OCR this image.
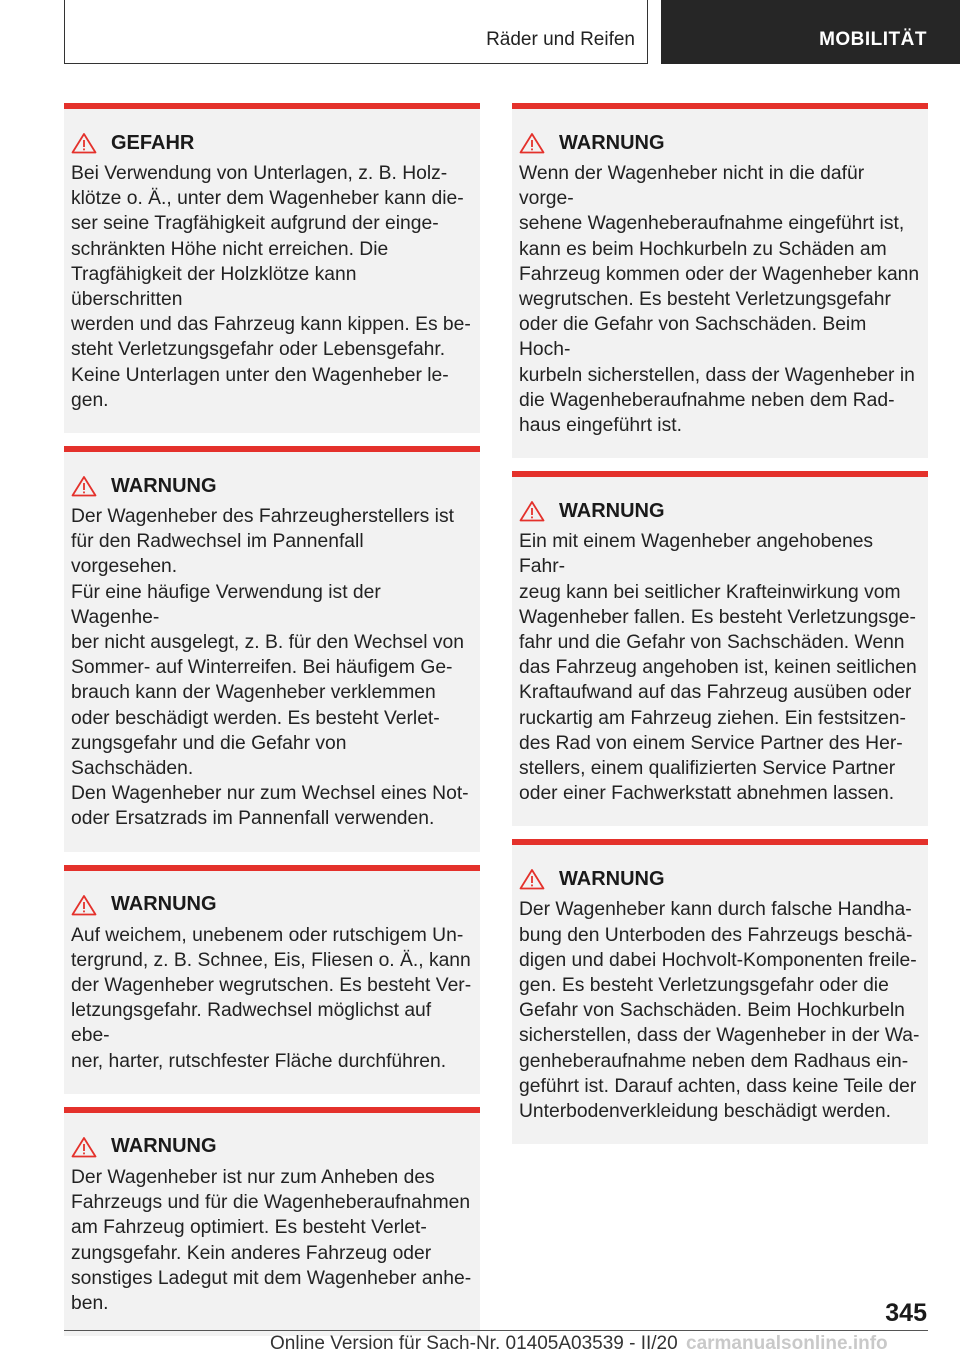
Räder und Reifen	MOBILITÄT
GEFAHR

Bei Verwendung von Unterlagen, z. B. Holz-
klötze o. Ä., unter dem Wagenheber kann die-
ser seine Tragfähigkeit aufgrund der einge-
schränkten Höhe nicht erreichen. Die
Tragfähigkeit der Holzklötze kann überschritten
werden und das Fahrzeug kann kippen. Es be-
steht Verletzungsgefahr oder Lebensgefahr.
Keine Unterlagen unter den Wagenheber le-
gen.

WARNUNG

Der Wagenheber des Fahrzeugherstellers ist
für den Radwechsel im Pannenfall vorgesehen.
Für eine häufige Verwendung ist der Wagenhe-
ber nicht ausgelegt, z. B. für den Wechsel von
Sommer- auf Winterreifen. Bei häufigem Ge-
brauch kann der Wagenheber verklemmen
oder beschädigt werden. Es besteht Verlet-
zungsgefahr und die Gefahr von Sachschäden.
Den Wagenheber nur zum Wechsel eines Not-
oder Ersatzrads im Pannenfall verwenden.

WARNUNG

Auf weichem, unebenem oder rutschigem Un-
tergrund, z. B. Schnee, Eis, Fliesen o. Ä., kann
der Wagenheber wegrutschen. Es besteht Ver-
letzungsgefahr. Radwechsel möglichst auf ebe-
ner, harter, rutschfester Fläche durchführen.

WARNUNG

Der Wagenheber ist nur zum Anheben des
Fahrzeugs und für die Wagenheberaufnahmen
am Fahrzeug optimiert. Es besteht Verlet-
zungsgefahr. Kein anderes Fahrzeug oder
sonstiges Ladegut mit dem Wagenheber anhe-
ben.

WARNUNG

Wenn der Wagenheber nicht in die dafür vorge-
sehene Wagenheberaufnahme eingeführt ist,
kann es beim Hochkurbeln zu Schäden am
Fahrzeug kommen oder der Wagenheber kann
wegrutschen. Es besteht Verletzungsgefahr
oder die Gefahr von Sachschäden. Beim Hoch-
kurbeln sicherstellen, dass der Wagenheber in
die Wagenheberaufnahme neben dem Rad-
haus eingeführt ist.

WARNUNG

Ein mit einem Wagenheber angehobenes Fahr-
zeug kann bei seitlicher Krafteinwirkung vom
Wagenheber fallen. Es besteht Verletzungsge-
fahr und die Gefahr von Sachschäden. Wenn
das Fahrzeug angehoben ist, keinen seitlichen
Kraftaufwand auf das Fahrzeug ausüben oder
ruckartig am Fahrzeug ziehen. Ein festsitzen-
des Rad von einem Service Partner des Her-
stellers, einem qualifizierten Service Partner
oder einer Fachwerkstatt abnehmen lassen.

WARNUNG

Der Wagenheber kann durch falsche Handha-
bung den Unterboden des Fahrzeugs beschä-
digen und dabei Hochvolt-Komponenten freile-
gen. Es besteht Verletzungsgefahr oder die
Gefahr von Sachschäden. Beim Hochkurbeln
sicherstellen, dass der Wagenheber in der Wa-
genheberaufnahme neben dem Radhaus ein-
geführt ist. Darauf achten, dass keine Teile der
Unterbodenverkleidung beschädigt werden.

345
Online Version für Sach-Nr. 01405A03539 - II/20 carmanualsonline.info
